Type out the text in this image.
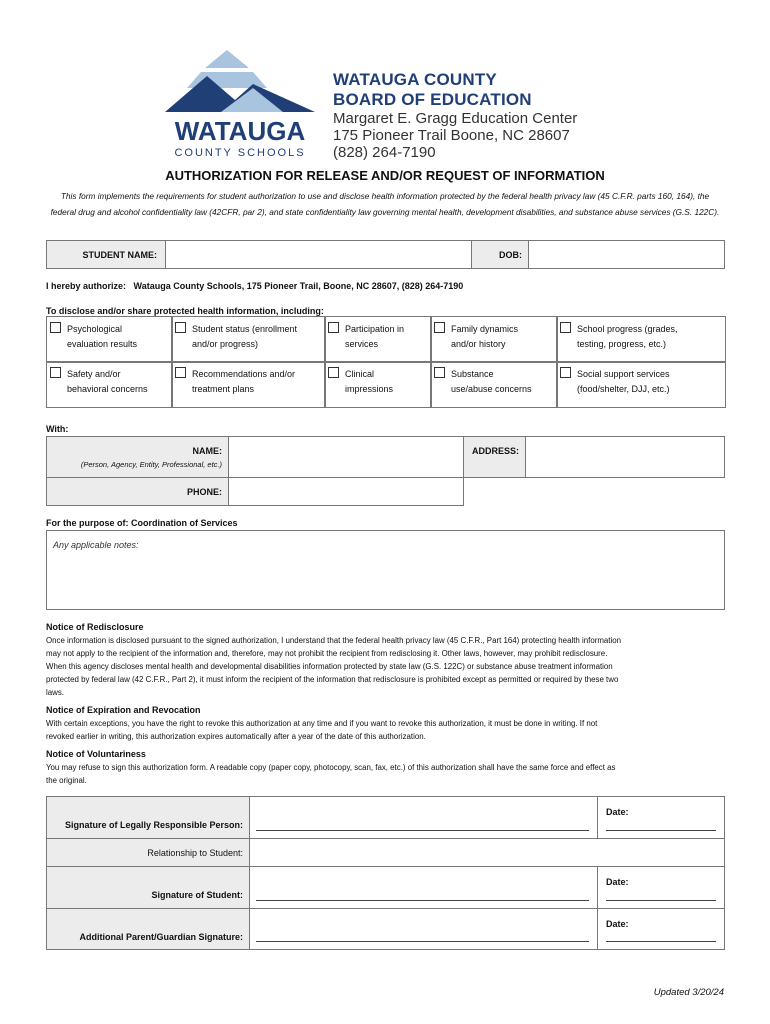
WATAUGA
COUNTY SCHOOLS
WATAUGA COUNTY
BOARD OF EDUCATION
Margaret E. Gragg Education Center
175 Pioneer Trail Boone, NC 28607
(828) 264-7190
AUTHORIZATION FOR RELEASE AND/OR REQUEST OF INFORMATION
This form implements the requirements for student authorization to use and disclose health information protected by the federal health privacy law (45 C.F.R. parts 160, 164), the federal drug and alcohol confidentiality law (42CFR, par 2), and state confidentiality law governing mental health, development disabilities, and substance abuse services (G.S. 122C).
STUDENT NAME:	DOB:
I hereby authorize: Watauga County Schools, 175 Pioneer Trail, Boone, NC 28607, (828) 264-7190
To disclose and/or share protected health information, including:
Psychological
evaluation results
Student status (enrollment
and/or progress)
Participation in
services
Family dynamics
and/or history
School progress (grades,
testing, progress, etc.)
Safety and/or
behavioral concerns
Recommendations and/or
treatment plans
Clinical
impressions
Substance
use/abuse concerns
Social support services
(food/shelter, DJJ, etc.)
With:
NAME:
(Person, Agency, Entity, Professional, etc.)
ADDRESS:
PHONE:
For the purpose of: Coordination of Services
Any applicable notes:
Notice of Redisclosure
Once information is disclosed pursuant to the signed authorization, I understand that the federal health privacy law (45 C.F.R., Part 164) protecting health information
may not apply to the recipient of the information and, therefore, may not prohibit the recipient from redisclosing it. Other laws, however, may prohibit redisclosure.
When this agency discloses mental health and developmental disabilities information protected by state law (G.S. 122C) or substance abuse treatment information
protected by federal law (42 C.F.R., Part 2), it must inform the recipient of the information that redisclosure is prohibited except as permitted or required by these two
laws.
Notice of Expiration and Revocation
With certain exceptions, you have the right to revoke this authorization at any time and if you want to revoke this authorization, it must be done in writing. If not
revoked earlier in writing, this authorization expires automatically after a year of the date of this authorization.
Notice of Voluntariness
You may refuse to sign this authorization form. A readable copy (paper copy, photocopy, scan, fax, etc.) of this authorization shall have the same force and effect as
the original.
Signature of Legally Responsible Person:
Date:
Relationship to Student:
Signature of Student:
Date:
Additional Parent/Guardian Signature:
Date:
Updated 3/20/24
